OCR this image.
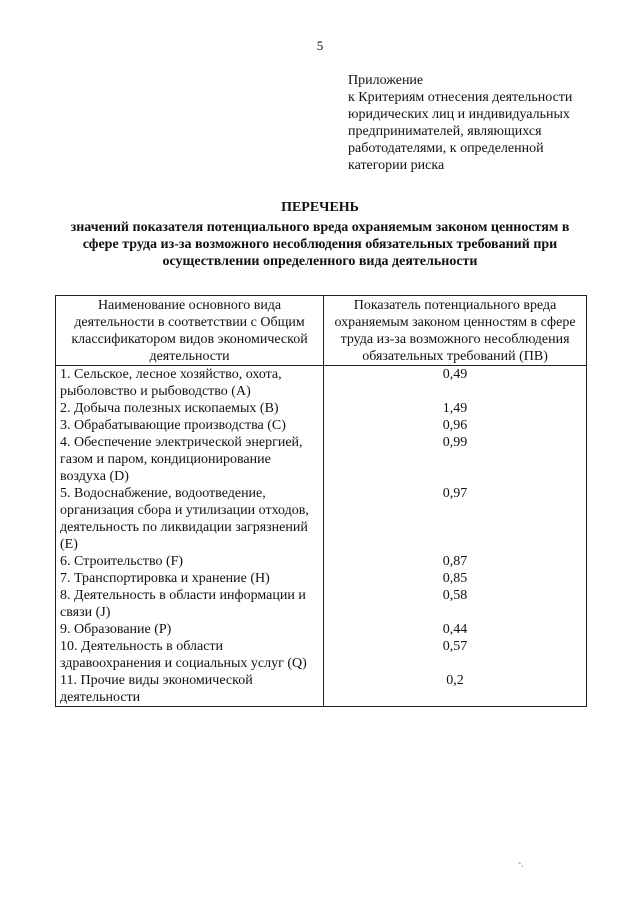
5
Приложение
к Критериям отнесения деятельности
юридических лиц и индивидуальных
предпринимателей, являющихся
работодателями, к определенной
категории риска
ПЕРЕЧЕНЬ
значений показателя потенциального вреда охраняемым законом ценностям в
сфере труда из-за возможного несоблюдения обязательных требований при
осуществлении определенного вида деятельности
Наименование основного вида деятельности в соответствии с Общим классификатором видов экономической деятельности	Показатель потенциального вреда охраняемым законом ценностям в сфере труда из-за возможного несоблюдения обязательных требований (ПВ)
1. Сельское, лесное хозяйство, охота, рыболовство и рыбоводство (A)	0,49
2. Добыча полезных ископаемых (B)	1,49
3. Обрабатывающие производства (C)	0,96
4. Обеспечение электрической энергией, газом и паром, кондиционирование воздуха (D)	0,99
5. Водоснабжение, водоотведение, организация сбора и утилизации отходов, деятельность по ликвидации загрязнений (E)	0,97
6. Строительство (F)	0,87
7. Транспортировка и хранение (H)	0,85
8. Деятельность в области информации и связи (J)	0,58
9. Образование (P)	0,44
10. Деятельность в области здравоохранения и социальных услуг (Q)	0,57
11. Прочие виды экономической деятельности	0,2
˜·
